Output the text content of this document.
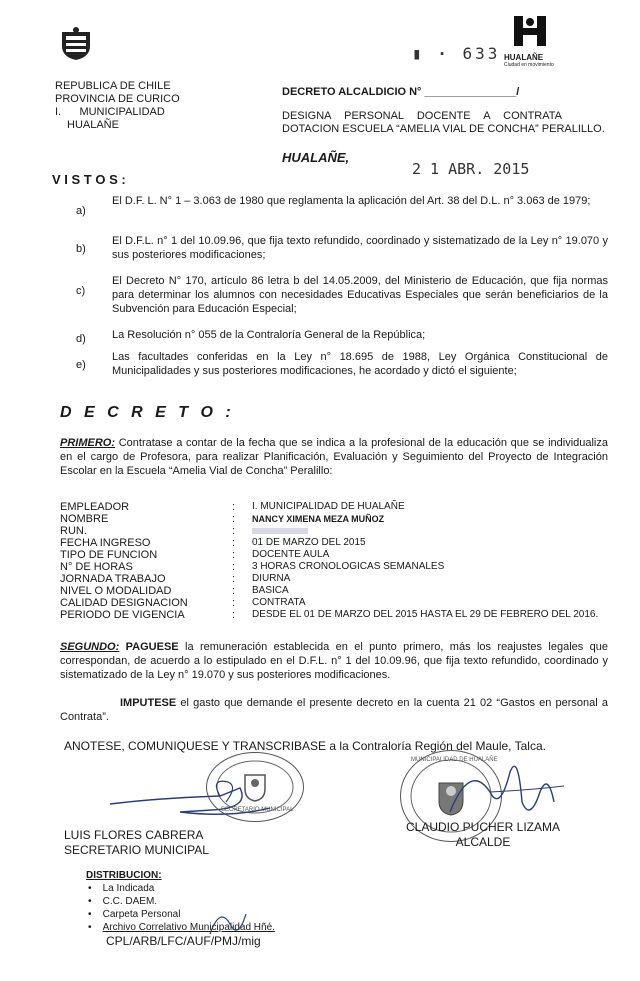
REPUBLICA DE CHILE
PROVINCIA DE CURICO
I.      MUNICIPALIDAD
HUALAÑE
▮ · 633 HUALAÑE
Ciudad en movimiento
DECRETO ALCALDICIO N° _______________/
DESIGNA PERSONAL DOCENTE A CONTRATA
DOTACION ESCUELA “AMELIA VIAL DE CONCHA” PERALILLO.
HUALAÑE,
2 1 ABR. 2015
V I S T O S :
a)
El D.F. L. N° 1 – 3.063 de 1980 que reglamenta la aplicación del Art. 38 del D.L. n° 3.063 de 1979;
b)
El D.F.L. n° 1 del 10.09.96, que fija texto refundido, coordinado y sistematizado de la Ley n° 19.070 y sus posteriores modificaciones;
c)
El Decreto N° 170, artículo 86 letra b del 14.05.2009, del Ministerio de Educación, que fija normas para determinar los alumnos con necesidades Educativas Especiales que serán beneficiarios de la Subvención para Educación Especial;
d) La Resolución n° 055 de la Contraloría General de la República;
e)
Las facultades conferidas en la Ley n° 18.695 de 1988, Ley Orgánica Constitucional de Municipalidades y sus posteriores modificaciones, he acordado y dictó el siguiente;
D E C R E T O :
PRIMERO: Contratase a contar de la fecha que se indica a la profesional de la educación que se individualiza en el cargo de Profesora, para realizar Planificación, Evaluación y Seguimiento del Proyecto de Integración Escolar en la Escuela “Amelia Vial de Concha” Peralillo:
EMPLEADOR	: I. MUNICIPALIDAD DE HUALAÑE
NOMBRE	: NANCY XIMENA MEZA MUÑOZ
RUN.	:
FECHA INGRESO	: 01 DE MARZO DEL 2015
TIPO DE FUNCION	: DOCENTE AULA
N° DE HORAS	: 3 HORAS CRONOLOGICAS SEMANALES
JORNADA TRABAJO	: DIURNA
NIVEL O MODALIDAD	: BASICA
CALIDAD DESIGNACION	: CONTRATA
PERIODO DE VIGENCIA	: DESDE EL 01 DE MARZO DEL 2015 HASTA EL 29 DE FEBRERO DEL 2016.
SEGUNDO: PAGUESE la remuneración establecida en el punto primero, más los reajustes legales que correspondan, de acuerdo a lo estipulado en el D.F.L. n° 1 del 10.09.96, que fija texto refundido, coordinado y sistematizado de la Ley n° 19.070 y sus posteriores modificaciones.
IMPUTESE el gasto que demande el presente decreto en la cuenta 21 02 “Gastos en personal a Contrata”.
ANOTESE, COMUNIQUESE Y TRANSCRIBASE a la Contraloría Región del Maule, Talca.
SECRETARIO MUNICIPAL
MUNICIPALIDAD DE HUALAÑE
LUIS FLORES CABRERA
SECRETARIO MUNICIPAL
CLAUDIO PUCHER LIZAMA
ALCALDE
DISTRIBUCION:
•    La Indicada
•    C.C. DAEM.
•    Carpeta Personal
•    Archivo Correlativo Municipalidad Hñé.
CPL/ARB/LFC/AUF/PMJ/mig
